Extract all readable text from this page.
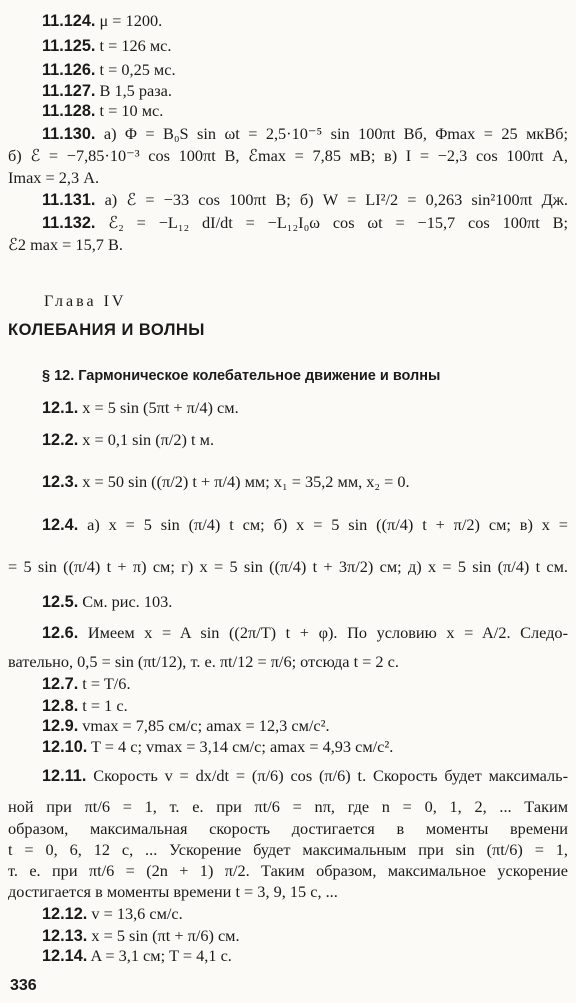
11.124. μ = 1200.
11.125. t = 126 мс.
11.126. t = 0,25 мс.
11.127. В 1,5 раза.
11.128. t = 10 мс.
11.130. а) Φ = B₀S sin ωt = 2,5·10⁻⁵ sin 100πt Вб, Φmax = 25 мкВб;
б) ℰ = −7,85·10⁻³ cos 100πt В, ℰmax = 7,85 мВ; в) I = −2,3 cos 100πt А,
Imax = 2,3 А.
11.131. а) ℰ = −33 cos 100πt В; б) W = LI²/2 = 0,263 sin²100πt Дж.
11.132. ℰ₂ = −L₁₂ dI/dt = −L₁₂I₀ω cos ωt = −15,7 cos 100πt В;
ℰ2 max = 15,7 В.
Глава IV
КОЛЕБАНИЯ И ВОЛНЫ
§ 12. Гармоническое колебательное движение и волны
12.1. x = 5 sin (5πt + π/4) см.
12.2. x = 0,1 sin (π/2) t м.
12.3. x = 50 sin ((π/2) t + π/4) мм; x₁ = 35,2 мм, x₂ = 0.
12.4. а) x = 5 sin (π/4) t см; б) x = 5 sin ((π/4) t + π/2) см; в) x =
= 5 sin ((π/4) t + π) см; г) x = 5 sin ((π/4) t + 3π/2) см; д) x = 5 sin (π/4) t см.
12.5. См. рис. 103.
12.6. Имеем x = A sin ((2π/T) t + φ). По условию x = A/2. Следо-
вательно, 0,5 = sin (πt/12), т. е. πt/12 = π/6; отсюда t = 2 с.
12.7. t = T/6.
12.8. t = 1 с.
12.9. vmax = 7,85 см/с; amax = 12,3 см/с².
12.10. T = 4 с; vmax = 3,14 см/с; amax = 4,93 см/с².
12.11. Скорость v = dx/dt = (π/6) cos (π/6) t. Скорость будет максималь-
ной при πt/6 = 1, т. е. при πt/6 = nπ, где n = 0, 1, 2, ... Таким
образом, максимальная скорость достигается в моменты времени
t = 0, 6, 12 с, ... Ускорение будет максимальным при sin (πt/6) = 1,
т. е. при πt/6 = (2n + 1) π/2. Таким образом, максимальное ускорение
достигается в моменты времени t = 3, 9, 15 с, ...
12.12. v = 13,6 см/с.
12.13. x = 5 sin (πt + π/6) см.
12.14. A = 3,1 см; T = 4,1 с.
336
